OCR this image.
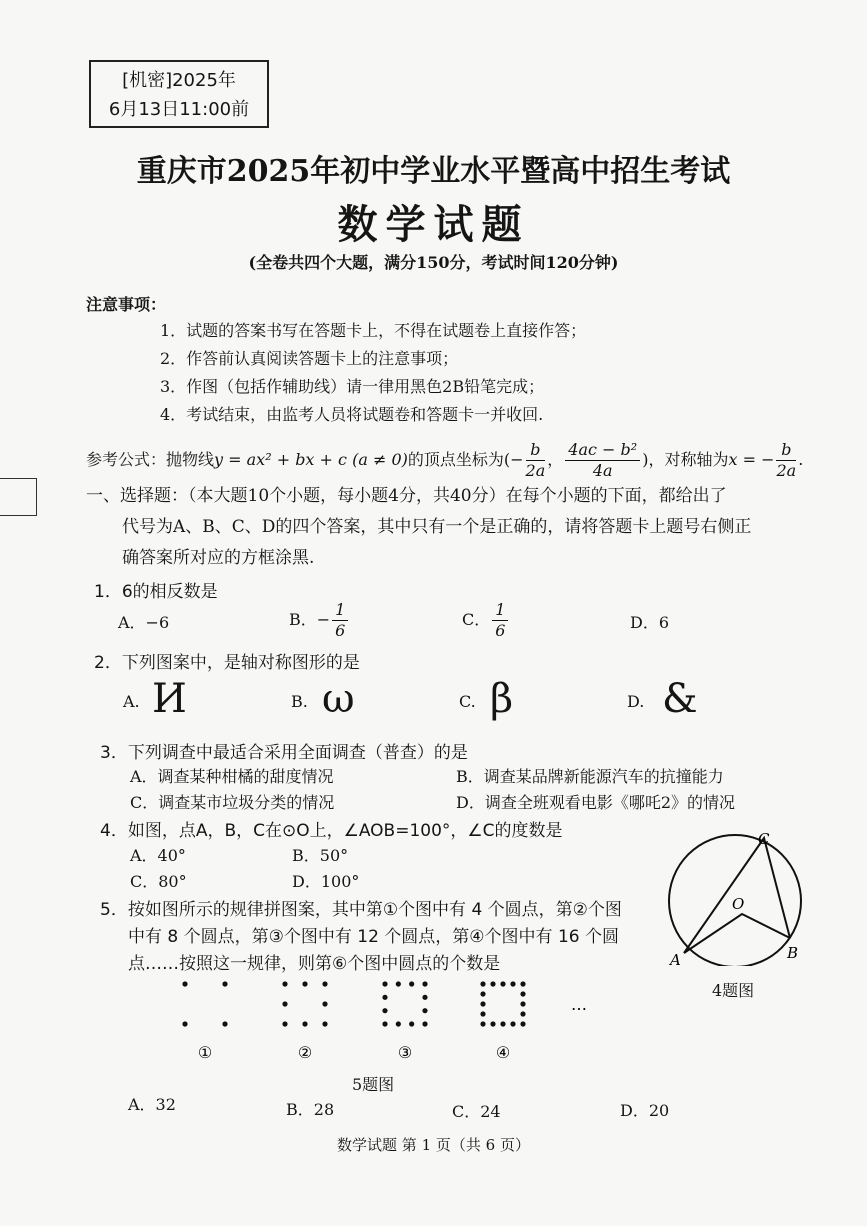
[机密]2025年
6月13日11:00前
重庆市2025年初中学业水平暨高中招生考试
数学试题
(全卷共四个大题，满分150分，考试时间120分钟)
注意事项：
1．试题的答案书写在答题卡上，不得在试题卷上直接作答；
2．作答前认真阅读答题卡上的注意事项；
3．作图（包括作辅助线）请一律用黑色2B铅笔完成；
4．考试结束，由监考人员将试题卷和答题卡一并收回.
参考公式：抛物线y = ax² + bx + c (a ≠ 0)的顶点坐标为(− $\frac{b}{2a}$ ， $\frac{\text{4ac − b²}}{4a}$ )，对称轴为x = − $\frac{b}{2a}$ .
一、选择题：（本大题10个小题，每小题4分，共40分）在每个小题的下面，都给出了
代号为A、B、C、D的四个答案，其中只有一个是正确的，请将答题卡上题号右侧正
确答案所对应的方框涂黑.
1．6的相反数是
A．−6	B．− $\frac{1}{6}$	C． $\frac{1}{6}$	D．6
2．下列图案中，是轴对称图形的是
A. И	B. ω	C. β	D. &
3．下列调查中最适合采用全面调查（普查）的是
A．调查某种柑橘的甜度情况	B．调查某品牌新能源汽车的抗撞能力
C．调查某市垃圾分类的情况	D．调查全班观看电影《哪吒2》的情况
4．如图，点A，B，C在⊙O上，∠AOB=100°，∠C的度数是
A．40°	B．50°
C．80°	D．100°
C
O
A	B
4题图
5．按如图所示的规律拼图案，其中第①个图中有 4 个圆点，第②个图
中有 8 个圆点，第③个图中有 12 个圆点，第④个图中有 16 个圆
点……按照这一规律，则第⑥个图中圆点的个数是
①	②	③	④
…
5题图
A．32	B．28	C．24	D．20
数学试题 第 1 页（共 6 页）
